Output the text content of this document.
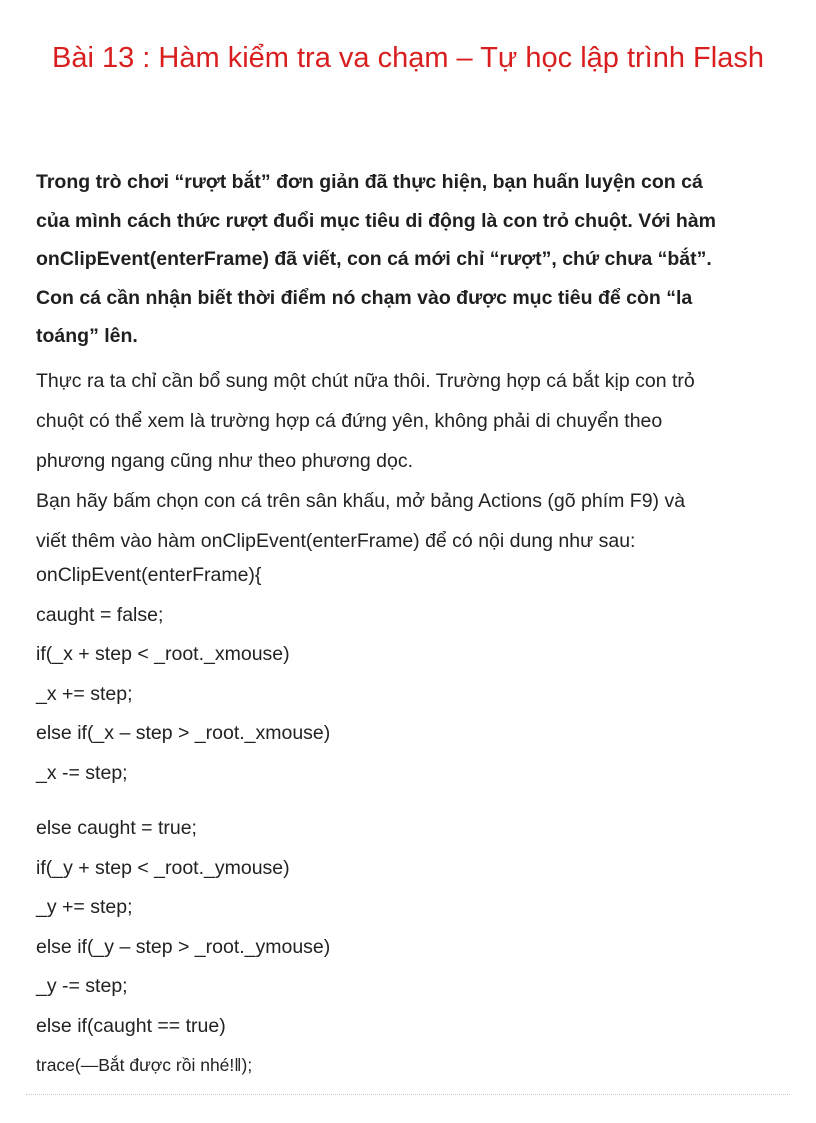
Bài 13 : Hàm kiểm tra va chạm – Tự học lập trình Flash

Trong trò chơi “rượt bắt” đơn giản đã thực hiện, bạn huấn luyện con cá
của mình cách thức rượt đuổi mục tiêu di động là con trỏ chuột. Với hàm
onClipEvent(enterFrame) đã viết, con cá mới chỉ “rượt”, chứ chưa “bắt”.
Con cá cần nhận biết thời điểm nó chạm vào được mục tiêu để còn “la
toáng” lên.

Thực ra ta chỉ cần bổ sung một chút nữa thôi. Trường hợp cá bắt kịp con trỏ
chuột có thể xem là trường hợp cá đứng yên, không phải di chuyển theo
phương ngang cũng như theo phương dọc.
Bạn hãy bấm chọn con cá trên sân khấu, mở bảng Actions (gõ phím F9) và
viết thêm vào hàm onClipEvent(enterFrame) để có nội dung như sau:

onClipEvent(enterFrame){
caught = false;
if(_x + step < _root._xmouse)
_x += step;
else if(_x – step > _root._xmouse)
_x -= step;
else caught = true;
if(_y + step < _root._ymouse)
_y += step;
else if(_y – step > _root._ymouse)
_y -= step;
else if(caught == true)
trace(―Bắt được rồi nhé!‖);
